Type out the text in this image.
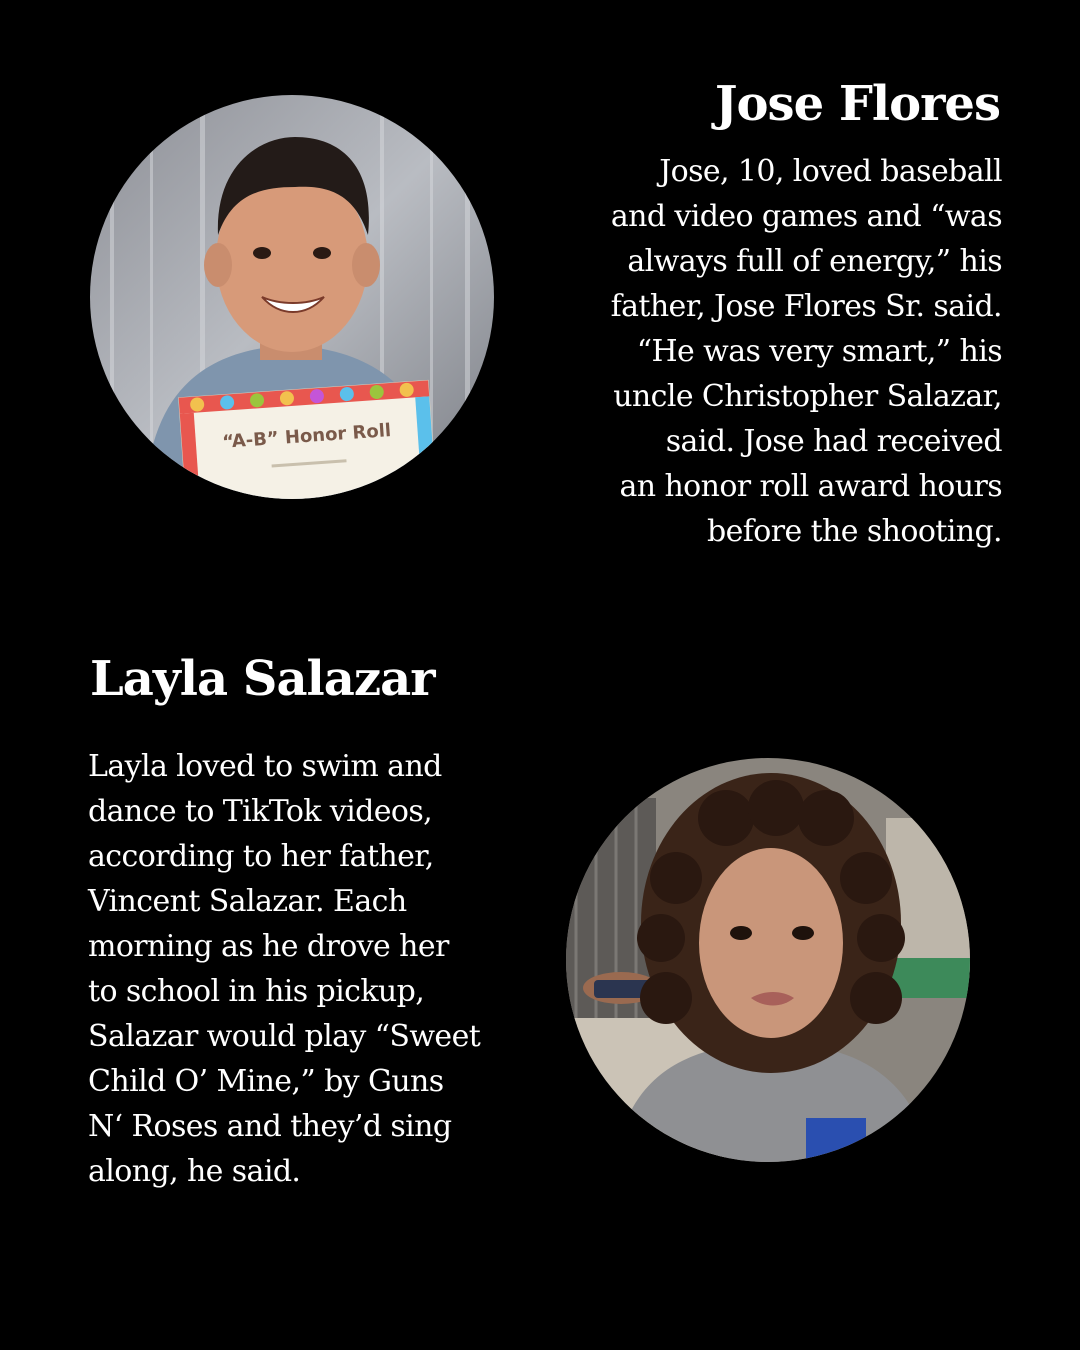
“A-B” Honor Roll
Jose Flores

Jose, 10, loved baseball
and video games and “was
always full of energy,” his
father, Jose Flores Sr. said.
“He was very smart,” his
uncle Christopher Salazar,
said. Jose had received
an honor roll award hours
before the shooting.

Layla Salazar

Layla loved to swim and
dance to TikTok videos,
according to her father,
Vincent Salazar. Each
morning as he drove her
to school in his pickup,
Salazar would play “Sweet
Child O’ Mine,” by Guns
N‘ Roses and they’d sing
along, he said.
